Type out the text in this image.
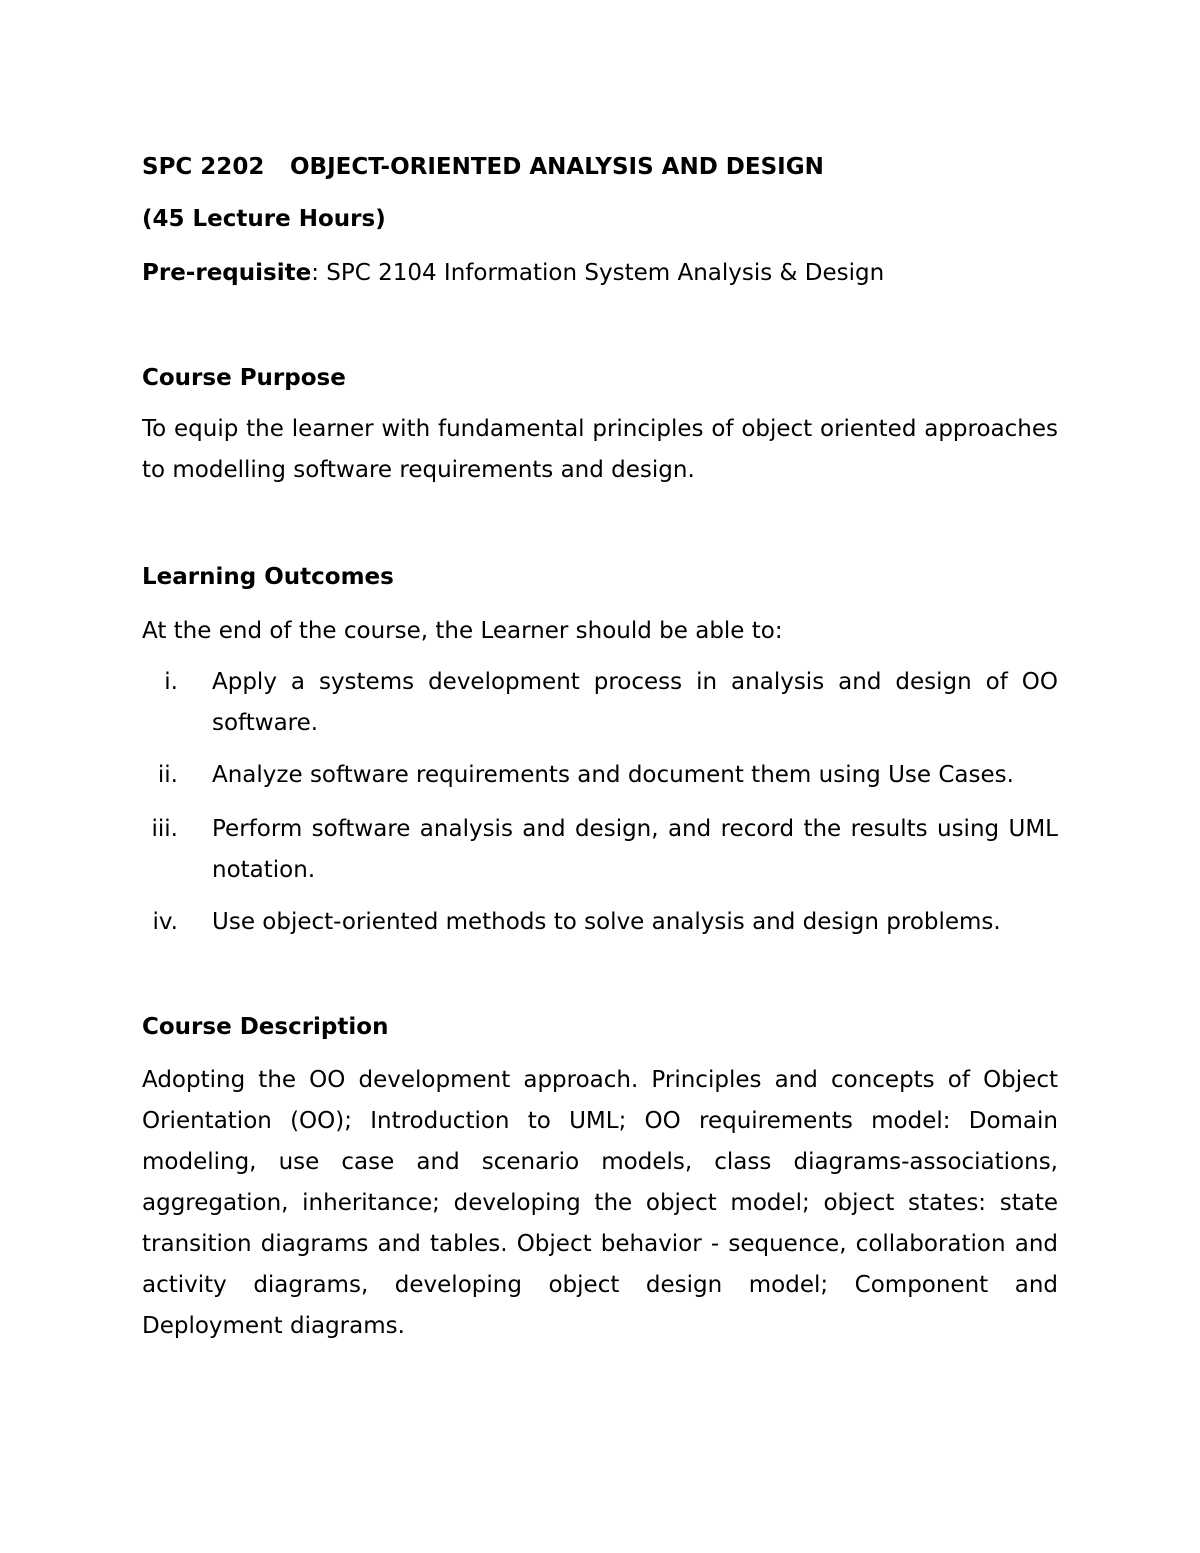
SPC 2202 OBJECT-ORIENTED ANALYSIS AND DESIGN
(45 Lecture Hours)
Pre-requisite: SPC 2104 Information System Analysis & Design
Course Purpose
To equip the learner with fundamental principles of object oriented approaches to modelling software requirements and design.
Learning Outcomes
At the end of the course, the Learner should be able to:
i. Apply a systems development process in analysis and design of OO software.
ii. Analyze software requirements and document them using Use Cases.
iii. Perform software analysis and design, and record the results using UML notation.
iv. Use object-oriented methods to solve analysis and design problems.
Course Description
Adopting the OO development approach. Principles and concepts of Object Orientation (OO); Introduction to UML; OO requirements model: Domain modeling, use case and scenario models, class diagrams-associations, aggregation, inheritance; developing the object model; object states: state transition diagrams and tables. Object behavior - sequence, collaboration and activity diagrams, developing object design model; Component and Deployment diagrams.
